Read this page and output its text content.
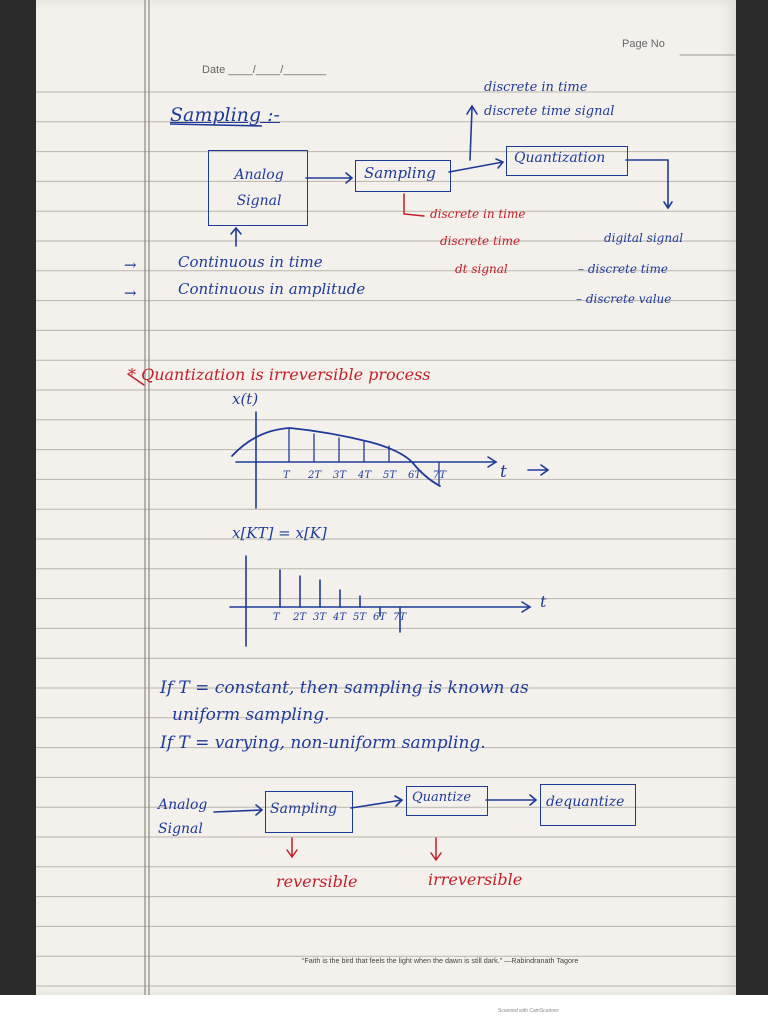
Page No
Date ____/____/_______
Sampling :-
Analog Signal
Sampling
Quantization
discrete in time
discrete time signal
discrete in time
discrete time
dt signal
digital signal
– discrete time
– discrete value
→	Continuous in time
→	Continuous in amplitude
* Quantization is irreversible process
x(t)
t
T 2T 3T 4T 5T 6T 7T
x[KT] = x[K]
t
T 2T 3T 4T 5T 6T 7T
If T = constant, then sampling is known as
uniform sampling.
If T = varying, non-uniform sampling.
Analog Signal
Sampling
Quantize	dequantize
reversible	irreversible
“Faith is the bird that feels the light when the dawn is still dark.” —Rabindranath Tagore
Scanned with CamScanner
